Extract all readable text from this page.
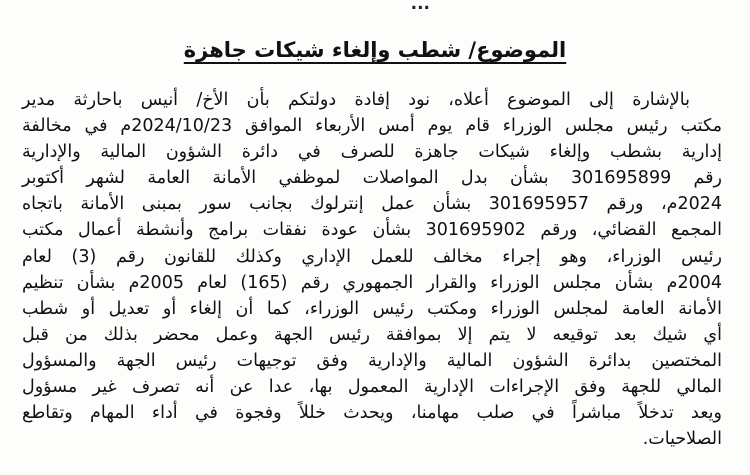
...
الموضوع/ شطب وإلغاء شيكات جاهزة
بالإشارة إلى الموضوع أعلاه، نود إفادة دولتكم بأن الأخ/ أنيس باحارثة مدير
مكتب رئيس مجلس الوزراء قام يوم أمس الأربعاء الموافق 2024/10/23م في مخالفة
إدارية بشطب وإلغاء شيكات جاهزة للصرف في دائرة الشؤون المالية والإدارية
رقم 301695899 بشأن بدل المواصلات لموظفي الأمانة العامة لشهر أكتوبر
2024م، ورقم 301695957 بشأن عمل إنترلوك بجانب سور بمبنى الأمانة باتجاه
المجمع القضائي، ورقم 301695902 بشأن عودة نفقات برامج وأنشطة أعمال مكتب
رئيس الوزراء، وهو إجراء مخالف للعمل الإداري وكذلك للقانون رقم (3) لعام
2004م بشأن مجلس الوزراء والقرار الجمهوري رقم (165) لعام 2005م بشأن تنظيم
الأمانة العامة لمجلس الوزراء ومكتب رئيس الوزراء، كما أن إلغاء أو تعديل أو شطب
أي شيك بعد توقيعه لا يتم إلا بموافقة رئيس الجهة وعمل محضر بذلك من قبل
المختصين بدائرة الشؤون المالية والإدارية وفق توجيهات رئيس الجهة والمسؤول
المالي للجهة وفق الإجراءات الإدارية المعمول بها، عدا عن أنه تصرف غير مسؤول
ويعد تدخلاً مباشراً في صلب مهامنا، ويحدث خللاً وفجوة في أداء المهام وتقاطع
الصلاحيات.
